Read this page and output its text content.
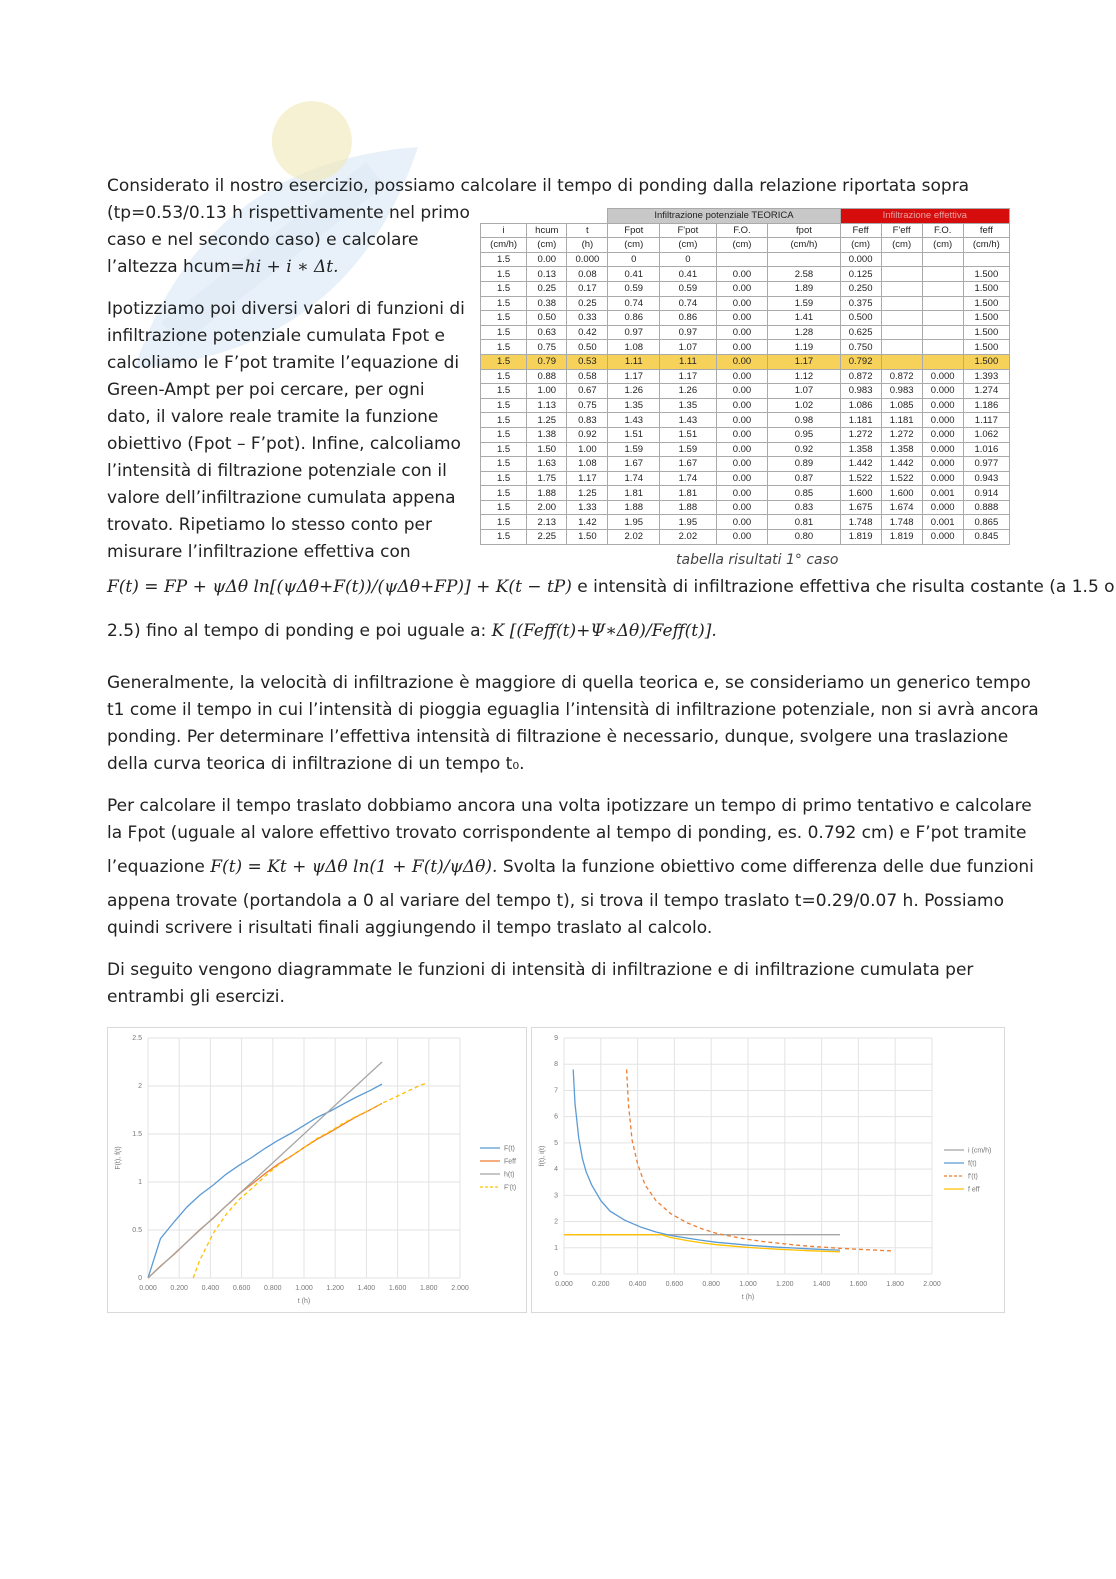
Considerato il nostro esercizio, possiamo calcolare il tempo di ponding dalla relazione riportata sopra
(tp=0.53/0.13 h rispettivamente nel primo
caso e nel secondo caso) e calcolare
l’altezza hcum=hi + i ∗ Δt.
Ipotizziamo poi diversi valori di funzioni di
infiltrazione potenziale cumulata Fpot e
calcoliamo le F’pot tramite l’equazione di
Green-Ampt per poi cercare, per ogni
dato, il valore reale tramite la funzione
obiettivo (Fpot – F’pot). Infine, calcoliamo
l’intensità di filtrazione potenziale con il
valore dell’infiltrazione cumulata appena
trovato. Ripetiamo lo stesso conto per
misurare l’infiltrazione effettiva con
			Infiltrazione potenziale TEORICA				Infiltrazione effettiva			
i	hcum	t	Fpot	F'pot	F.O.	fpot	Feff	F'eff	F.O.	feff
(cm/h)	(cm)	(h)	(cm)	(cm)	(cm)	(cm/h)	(cm)	(cm)	(cm)	(cm/h)
1.5	0.00	0.000	0	0			0.000			
1.5	0.13	0.08	0.41	0.41	0.00	2.58	0.125			1.500
1.5	0.25	0.17	0.59	0.59	0.00	1.89	0.250			1.500
1.5	0.38	0.25	0.74	0.74	0.00	1.59	0.375			1.500
1.5	0.50	0.33	0.86	0.86	0.00	1.41	0.500			1.500
1.5	0.63	0.42	0.97	0.97	0.00	1.28	0.625			1.500
1.5	0.75	0.50	1.08	1.07	0.00	1.19	0.750			1.500
1.5	0.79	0.53	1.11	1.11	0.00	1.17	0.792			1.500
1.5	0.88	0.58	1.17	1.17	0.00	1.12	0.872	0.872	0.000	1.393
1.5	1.00	0.67	1.26	1.26	0.00	1.07	0.983	0.983	0.000	1.274
1.5	1.13	0.75	1.35	1.35	0.00	1.02	1.086	1.085	0.000	1.186
1.5	1.25	0.83	1.43	1.43	0.00	0.98	1.181	1.181	0.000	1.117
1.5	1.38	0.92	1.51	1.51	0.00	0.95	1.272	1.272	0.000	1.062
1.5	1.50	1.00	1.59	1.59	0.00	0.92	1.358	1.358	0.000	1.016
1.5	1.63	1.08	1.67	1.67	0.00	0.89	1.442	1.442	0.000	0.977
1.5	1.75	1.17	1.74	1.74	0.00	0.87	1.522	1.522	0.000	0.943
1.5	1.88	1.25	1.81	1.81	0.00	0.85	1.600	1.600	0.001	0.914
1.5	2.00	1.33	1.88	1.88	0.00	0.83	1.675	1.674	0.000	0.888
1.5	2.13	1.42	1.95	1.95	0.00	0.81	1.748	1.748	0.001	0.865
1.5	2.25	1.50	2.02	2.02	0.00	0.80	1.819	1.819	0.000	0.845
tabella risultati 1° caso
F(t) = FP + ψΔθ ln[(ψΔθ+F(t))/(ψΔθ+FP)] + K(t − tP) e intensità di infiltrazione effettiva che risulta costante (a 1.5 o
2.5) fino al tempo di ponding e poi uguale a: K [(Feff(t)+Ψ∗Δθ)/Feff(t)].
Generalmente, la velocità di infiltrazione è maggiore di quella teorica e, se consideriamo un generico tempo
t1 come il tempo in cui l’intensità di pioggia eguaglia l’intensità di infiltrazione potenziale, non si avrà ancora
ponding. Per determinare l’effettiva intensità di filtrazione è necessario, dunque, svolgere una traslazione
della curva teorica di infiltrazione di un tempo t₀.
Per calcolare il tempo traslato dobbiamo ancora una volta ipotizzare un tempo di primo tentativo e calcolare
la Fpot (uguale al valore effettivo trovato corrispondente al tempo di ponding, es. 0.792 cm) e F’pot tramite
l’equazione F(t) = Kt + ψΔθ ln(1 + F(t)/ψΔθ). Svolta la funzione obiettivo come differenza delle due funzioni
appena trovate (portandola a 0 al variare del tempo t), si trova il tempo traslato t=0.29/0.07 h. Possiamo
quindi scrivere i risultati finali aggiungendo il tempo traslato al calcolo.
Di seguito vengono diagrammate le funzioni di intensità di infiltrazione e di infiltrazione cumulata per
entrambi gli esercizi.
0.000 0.200 0.400 0.600 0.800 1.000 1.200 1.400 1.600 1.800 2.000
0
0.5
1
1.5
2
2.5
t (h)
F(t), f(t)	F(t)
Feff
h(t)
F'(t)
0.000	0.200	0.400	0.600	0.800	1.000	1.200	1.400	1.600	1.800	2.000
0
1
2
3
4
5
6
7
8
9
t (h)
f(t), i(t)	i (cm/h)
f(t)
f'(t)
f eff
